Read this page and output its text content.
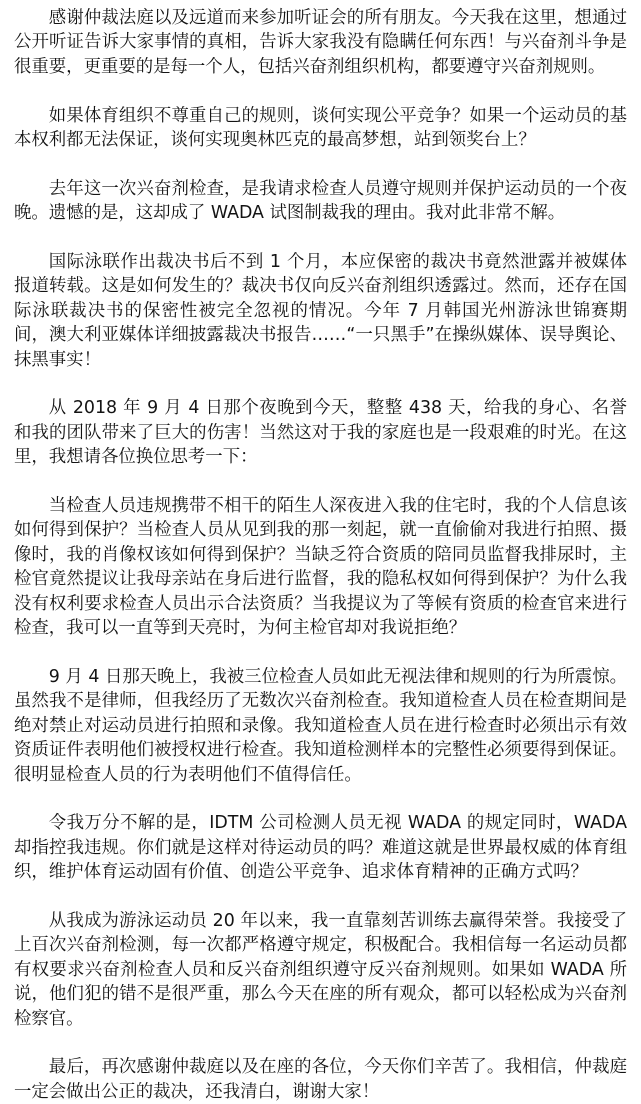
感谢仲裁法庭以及远道而来参加听证会的所有朋友。今天我在这里，想通过公开听证告诉大家事情的真相，告诉大家我没有隐瞒任何东西！与兴奋剂斗争是很重要，更重要的是每一个人，包括兴奋剂组织机构，都要遵守兴奋剂规则。

如果体育组织不尊重自己的规则，谈何实现公平竞争？如果一个运动员的基本权利都无法保证，谈何实现奥林匹克的最高梦想，站到领奖台上？

去年这一次兴奋剂检查，是我请求检查人员遵守规则并保护运动员的一个夜晚。遗憾的是，这却成了 WADA 试图制裁我的理由。我对此非常不解。

国际泳联作出裁决书后不到 1 个月，本应保密的裁决书竟然泄露并被媒体报道转载。这是如何发生的？裁决书仅向反兴奋剂组织透露过。然而，还存在国际泳联裁决书的保密性被完全忽视的情况。今年 7 月韩国光州游泳世锦赛期间，澳大利亚媒体详细披露裁决书报告……“一只黑手”在操纵媒体、误导舆论、抹黑事实！

从 2018 年 9 月 4 日那个夜晚到今天，整整 438 天，给我的身心、名誉和我的团队带来了巨大的伤害！当然这对于我的家庭也是一段艰难的时光。在这里，我想请各位换位思考一下：

当检查人员违规携带不相干的陌生人深夜进入我的住宅时，我的个人信息该如何得到保护？当检查人员从见到我的那一刻起，就一直偷偷对我进行拍照、摄像时，我的肖像权该如何得到保护？当缺乏符合资质的陪同员监督我排尿时，主检官竟然提议让我母亲站在身后进行监督，我的隐私权如何得到保护？为什么我没有权利要求检查人员出示合法资质？当我提议为了等候有资质的检查官来进行检查，我可以一直等到天亮时，为何主检官却对我说拒绝？

9 月 4 日那天晚上，我被三位检查人员如此无视法律和规则的行为所震惊。虽然我不是律师，但我经历了无数次兴奋剂检查。我知道检查人员在检查期间是绝对禁止对运动员进行拍照和录像。我知道检查人员在进行检查时必须出示有效资质证件表明他们被授权进行检查。我知道检测样本的完整性必须要得到保证。很明显检查人员的行为表明他们不值得信任。

令我万分不解的是，IDTM 公司检测人员无视 WADA 的规定同时，WADA 却指控我违规。你们就是这样对待运动员的吗？难道这就是世界最权威的体育组织，维护体育运动固有价值、创造公平竞争、追求体育精神的正确方式吗？

从我成为游泳运动员 20 年以来，我一直靠刻苦训练去赢得荣誉。我接受了上百次兴奋剂检测，每一次都严格遵守规定，积极配合。我相信每一名运动员都有权要求兴奋剂检查人员和反兴奋剂组织遵守反兴奋剂规则。如果如 WADA 所说，他们犯的错不是很严重，那么今天在座的所有观众，都可以轻松成为兴奋剂检察官。

最后，再次感谢仲裁庭以及在座的各位，今天你们辛苦了。我相信，仲裁庭一定会做出公正的裁决，还我清白，谢谢大家！
